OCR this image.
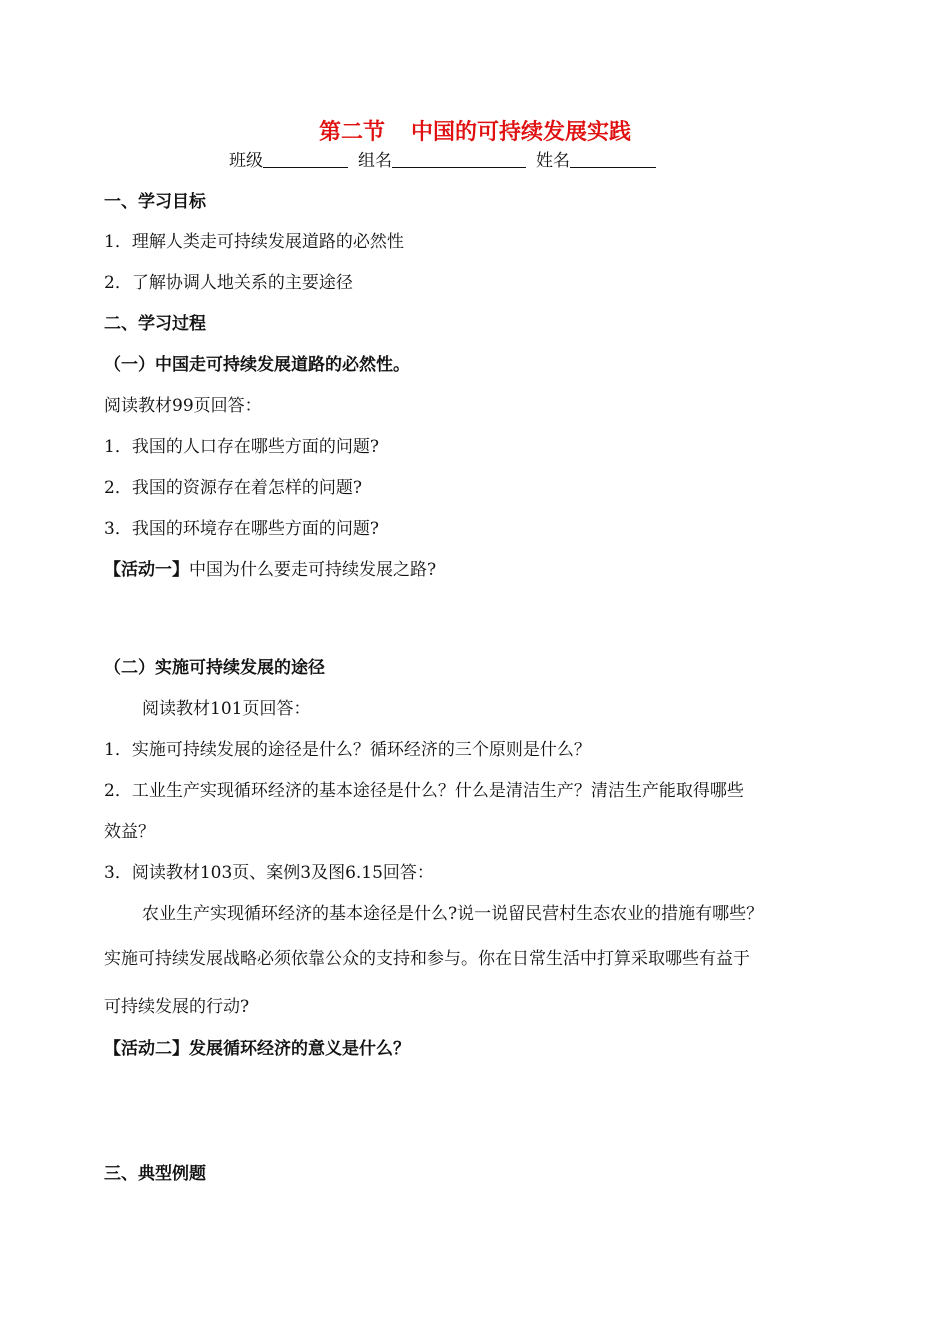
第二节 中国的可持续发展实践
班级	组名	姓名
一、学习目标
1．理解人类走可持续发展道路的必然性
2．了解协调人地关系的主要途径
二、学习过程
（一）中国走可持续发展道路的必然性。
阅读教材99页回答：
1．我国的人口存在哪些方面的问题?
2．我国的资源存在着怎样的问题?
3．我国的环境存在哪些方面的问题?
【活动一】中国为什么要走可持续发展之路?
（二）实施可持续发展的途径
阅读教材101页回答：
1．实施可持续发展的途径是什么？循环经济的三个原则是什么？
2．工业生产实现循环经济的基本途径是什么？什么是清洁生产？清洁生产能取得哪些
效益？
3．阅读教材103页、案例3及图6.15回答：
农业生产实现循环经济的基本途径是什么?说一说留民营村生态农业的措施有哪些？
实施可持续发展战略必须依靠公众的支持和参与。你在日常生活中打算采取哪些有益于
可持续发展的行动?
【活动二】发展循环经济的意义是什么？
三、典型例题
